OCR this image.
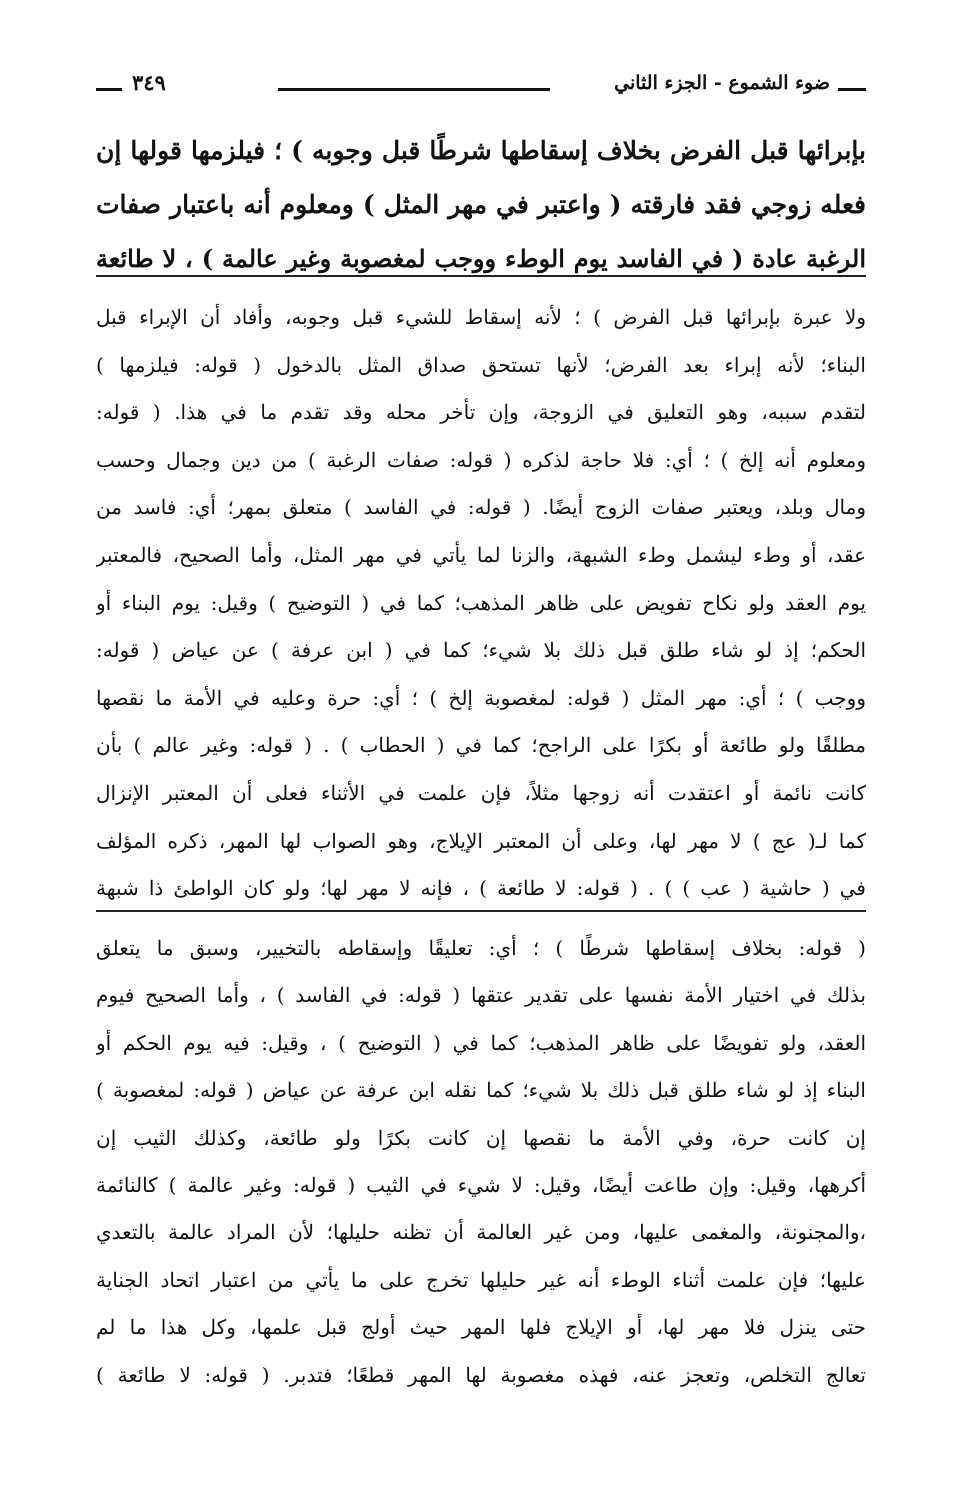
ضوء الشموع - الجزء الثاني
٣٤٩
بإبرائها قبل الفرض بخلاف إسقاطها شرطًا قبل وجوبه ) ؛ فيلزمها قولها إن
فعله زوجي فقد فارقته ( واعتبر في مهر المثل ) ومعلوم أنه باعتبار صفات
الرغبة عادة ( في الفاسد يوم الوطء ووجب لمغصوبة وغير عالمة ) ، لا طائعة
ولا عبرة بإبرائها قبل الفرض ) ؛ لأنه إسقاط للشيء قبل وجوبه، وأفاد أن الإبراء قبل
البناء؛ لأنه إبراء بعد الفرض؛ لأنها تستحق صداق المثل بالدخول ( قوله: فيلزمها )
لتقدم سببه، وهو التعليق في الزوجة، وإن تأخر محله وقد تقدم ما في هذا. ( قوله:
ومعلوم أنه إلخ ) ؛ أي: فلا حاجة لذكره ( قوله: صفات الرغبة ) من دين وجمال وحسب
ومال وبلد، ويعتبر صفات الزوج أيضًا. ( قوله: في الفاسد ) متعلق بمهر؛ أي: فاسد من
عقد، أو وطء ليشمل وطء الشبهة، والزنا لما يأتي في مهر المثل، وأما الصحيح، فالمعتبر
يوم العقد ولو نكاح تفويض على ظاهر المذهب؛ كما في ( التوضيح ) وقيل: يوم البناء أو
الحكم؛ إذ لو شاء طلق قبل ذلك بلا شيء؛ كما في ( ابن عرفة ) عن عياض ( قوله:
ووجب ) ؛ أي: مهر المثل ( قوله: لمغصوبة إلخ ) ؛ أي: حرة وعليه في الأمة ما نقصها
مطلقًا ولو طائعة أو بكرًا على الراجح؛ كما في ( الحطاب ) . ( قوله: وغير عالم ) بأن
كانت نائمة أو اعتقدت أنه زوجها مثلاً، فإن علمت في الأثناء فعلى أن المعتبر الإنزال
كما لـ( عج ) لا مهر لها، وعلى أن المعتبر الإيلاج، وهو الصواب لها المهر، ذكره المؤلف
في ( حاشية ( عب ) ) . ( قوله: لا طائعة ) ، فإنه لا مهر لها؛ ولو كان الواطئ ذا شبهة
( قوله: بخلاف إسقاطها شرطًا ) ؛ أي: تعليقًا وإسقاطه بالتخيير، وسبق ما يتعلق
بذلك في اختيار الأمة نفسها على تقدير عتقها ( قوله: في الفاسد ) ، وأما الصحيح فيوم
العقد، ولو تفويضًا على ظاهر المذهب؛ كما في ( التوضيح ) ، وقيل: فيه يوم الحكم أو
البناء إذ لو شاء طلق قبل ذلك بلا شيء؛ كما نقله ابن عرفة عن عياض ( قوله: لمغصوبة )
إن كانت حرة، وفي الأمة ما نقصها إن كانت بكرًا ولو طائعة، وكذلك الثيب إن
أكرهها، وقيل: وإن طاعت أيضًا، وقيل: لا شيء في الثيب ( قوله: وغير عالمة ) كالنائمة
،والمجنونة، والمغمى عليها، ومن غير العالمة أن تظنه حليلها؛ لأن المراد عالمة بالتعدي
عليها؛ فإن علمت أثناء الوطء أنه غير حليلها تخرج على ما يأتي من اعتبار اتحاد الجناية
حتى ينزل فلا مهر لها، أو الإيلاج فلها المهر حيث أولج قبل علمها، وكل هذا ما لم
تعالج التخلص، وتعجز عنه، فهذه مغصوبة لها المهر قطعًا؛ فتدبر. ( قوله: لا طائعة )
